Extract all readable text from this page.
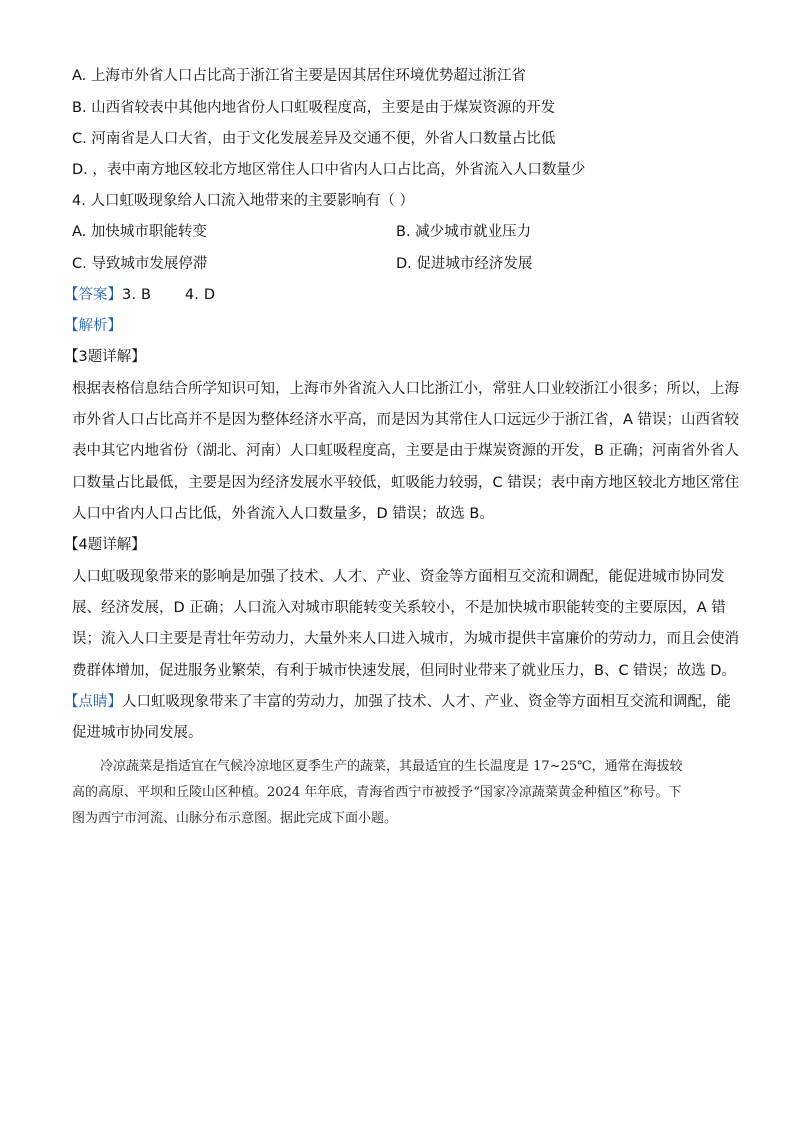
A. 上海市外省人口占比高于浙江省主要是因其居住环境优势超过浙江省
B. 山西省较表中其他内地省份人口虹吸程度高，主要是由于煤炭资源的开发
C. 河南省是人口大省，由于文化发展差异及交通不便，外省人口数量占比低
D. ，表中南方地区较北方地区常住人口中省内人口占比高，外省流入人口数量少
4. 人口虹吸现象给人口流入地带来的主要影响有（ ）
A. 加快城市职能转变	B. 减少城市就业压力
C. 导致城市发展停滞	D. 促进城市经济发展
【答案】3. B       4. D
【解析】
【3题详解】
根据表格信息结合所学知识可知，上海市外省流入人口比浙江小，常驻人口业较浙江小很多；所以，上海
市外省人口占比高并不是因为整体经济水平高，而是因为其常住人口远远少于浙江省，A 错误；山西省较
表中其它内地省份（湖北、河南）人口虹吸程度高，主要是由于煤炭资源的开发，B 正确；河南省外省人
口数量占比最低，主要是因为经济发展水平较低，虹吸能力较弱，C 错误；表中南方地区较北方地区常住
人口中省内人口占比低，外省流入人口数量多，D 错误；故选 B。
【4题详解】
人口虹吸现象带来的影响是加强了技术、人才、产业、资金等方面相互交流和调配，能促进城市协同发
展、经济发展，D 正确；人口流入对城市职能转变关系较小，不是加快城市职能转变的主要原因，A 错
误；流入人口主要是青壮年劳动力，大量外来人口进入城市，为城市提供丰富廉价的劳动力，而且会使消
费群体增加，促进服务业繁荣，有利于城市快速发展，但同时业带来了就业压力，B、C 错误；故选 D。
【点睛】人口虹吸现象带来了丰富的劳动力，加强了技术、人才、产业、资金等方面相互交流和调配，能
促进城市协同发展。
冷凉蔬菜是指适宜在气候冷凉地区夏季生产的蔬菜，其最适宜的生长温度是 17~25℃，通常在海拔较
高的高原、平坝和丘陵山区种植。2024 年年底，青海省西宁市被授予“国家冷凉蔬菜黄金种植区”称号。下
图为西宁市河流、山脉分布示意图。据此完成下面小题。
